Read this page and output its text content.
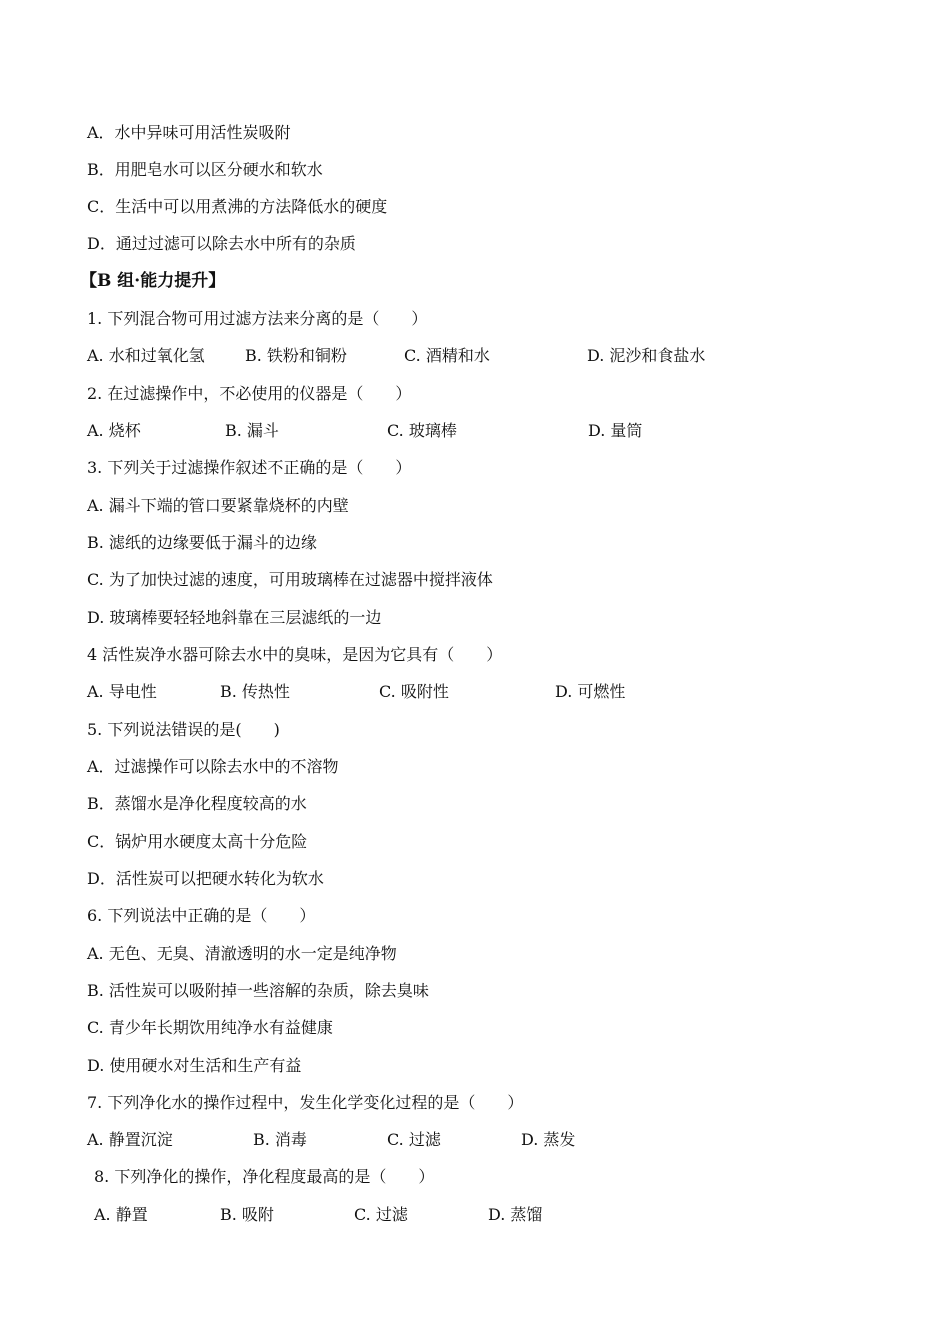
A．水中异味可用活性炭吸附
B．用肥皂水可以区分硬水和软水
C．生活中可以用煮沸的方法降低水的硬度
D．通过过滤可以除去水中所有的杂质
【B 组·能力提升】
1. 下列混合物可用过滤方法来分离的是（　　）
A. 水和过氧化氢	B. 铁粉和铜粉	C. 酒精和水	D. 泥沙和食盐水
2. 在过滤操作中，不必使用的仪器是（　　）
A. 烧杯	B. 漏斗	C. 玻璃棒	D. 量筒
3. 下列关于过滤操作叙述不正确的是（　　）
A. 漏斗下端的管口要紧靠烧杯的内壁
B. 滤纸的边缘要低于漏斗的边缘
C. 为了加快过滤的速度，可用玻璃棒在过滤器中搅拌液体
D. 玻璃棒要轻轻地斜靠在三层滤纸的一边
4 活性炭净水器可除去水中的臭味，是因为它具有（　　）
A. 导电性	B. 传热性	C. 吸附性	D. 可燃性
5. 下列说法错误的是(　　)
A．过滤操作可以除去水中的不溶物
B．蒸馏水是净化程度较高的水
C．锅炉用水硬度太高十分危险
D．活性炭可以把硬水转化为软水
6. 下列说法中正确的是（　　）
A. 无色、无臭、清澈透明的水一定是纯净物
B. 活性炭可以吸附掉一些溶解的杂质，除去臭味
C. 青少年长期饮用纯净水有益健康
D. 使用硬水对生活和生产有益
7. 下列净化水的操作过程中，发生化学变化过程的是（　　）
A. 静置沉淀	B. 消毒	C. 过滤	D. 蒸发
8. 下列净化的操作，净化程度最高的是（　　）
A. 静置	B. 吸附	C. 过滤	D. 蒸馏
